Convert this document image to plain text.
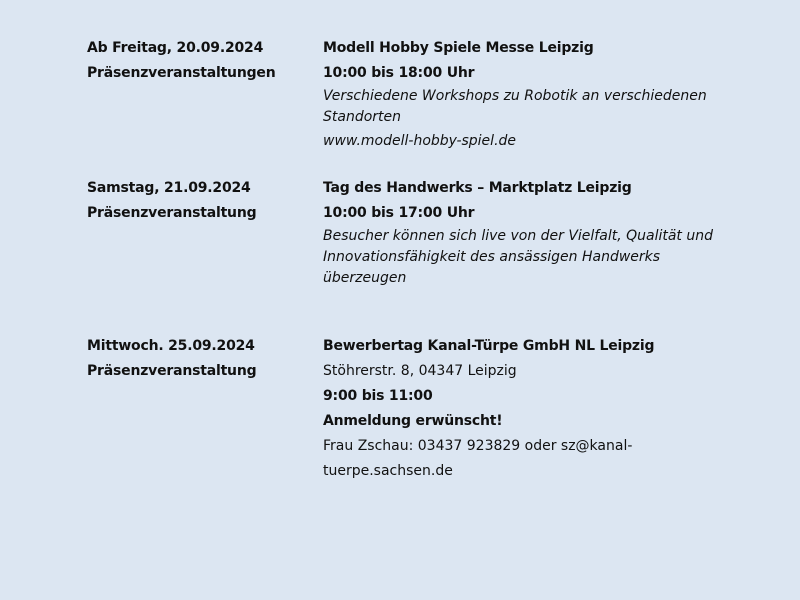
Ab Freitag, 20.09.2024
Präsenzveranstaltungen
Modell Hobby Spiele Messe Leipzig
10:00 bis 18:00 Uhr
Verschiedene Workshops zu Robotik an verschiedenen Standorten
www.modell-hobby-spiel.de
Samstag, 21.09.2024
Präsenzveranstaltung
Tag des Handwerks – Marktplatz Leipzig
10:00 bis 17:00 Uhr
Besucher können sich live von der Vielfalt, Qualität und Innovationsfähigkeit des ansässigen Handwerks überzeugen
Mittwoch. 25.09.2024
Präsenzveranstaltung
Bewerbertag Kanal-Türpe GmbH NL Leipzig
Stöhrerstr. 8, 04347 Leipzig
9:00 bis 11:00
Anmeldung erwünscht!
Frau Zschau: 03437 923829 oder sz@kanal-tuerpe.sachsen.de
